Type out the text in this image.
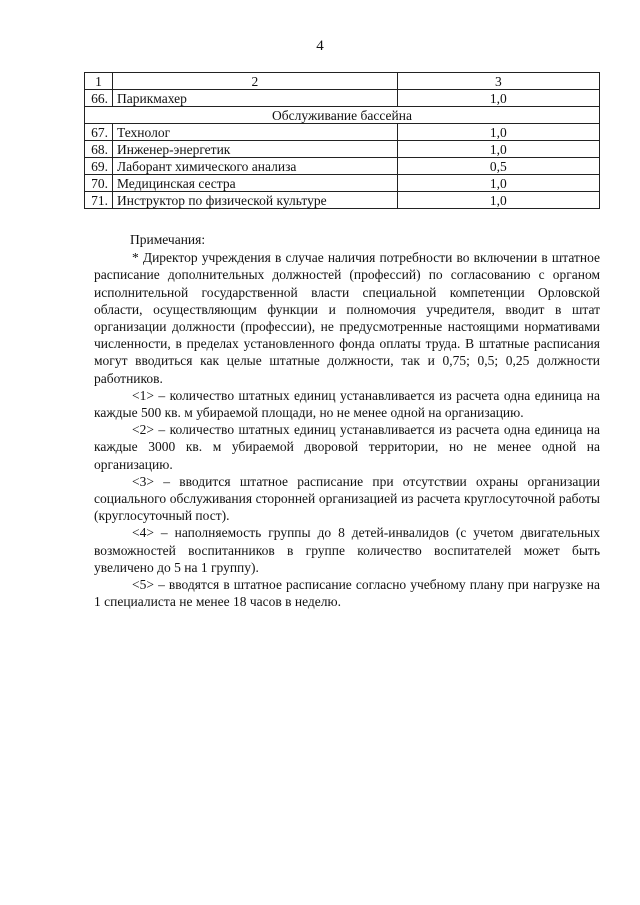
4
1	2	3
66.	Парикмахер	1,0
Обслуживание бассейна		
67.	Технолог	1,0
68.	Инженер-энергетик	1,0
69.	Лаборант химического анализа	0,5
70.	Медицинская сестра	1,0
71.	Инструктор по физической культуре	1,0

Примечания:

* Директор учреждения в случае наличия потребности во включении в штатное расписание дополнительных должностей (профессий) по согласованию с органом исполнительной государственной власти специальной компетенции Орловской области, осуществляющим функции и полномочия учредителя, вводит в штат организации должности (профессии), не предусмотренные настоящими нормативами численности, в пределах установленного фонда оплаты труда. В штатные расписания могут вводиться как целые штатные должности, так и 0,75; 0,5; 0,25 должности работников.

<1> – количество штатных единиц устанавливается из расчета одна единица на каждые 500 кв. м убираемой площади, но не менее одной на организацию.

<2> – количество штатных единиц устанавливается из расчета одна единица на каждые 3000 кв. м убираемой дворовой территории, но не менее одной на организацию.

<3> – вводится штатное расписание при отсутствии охраны организации социального обслуживания сторонней организацией из расчета круглосуточной работы (круглосуточный пост).

<4> – наполняемость группы до 8 детей-инвалидов (с учетом двигательных возможностей воспитанников в группе количество воспитателей может быть увеличено до 5 на 1 группу).

<5> – вводятся в штатное расписание согласно учебному плану при нагрузке на 1 специалиста не менее 18 часов в неделю.
